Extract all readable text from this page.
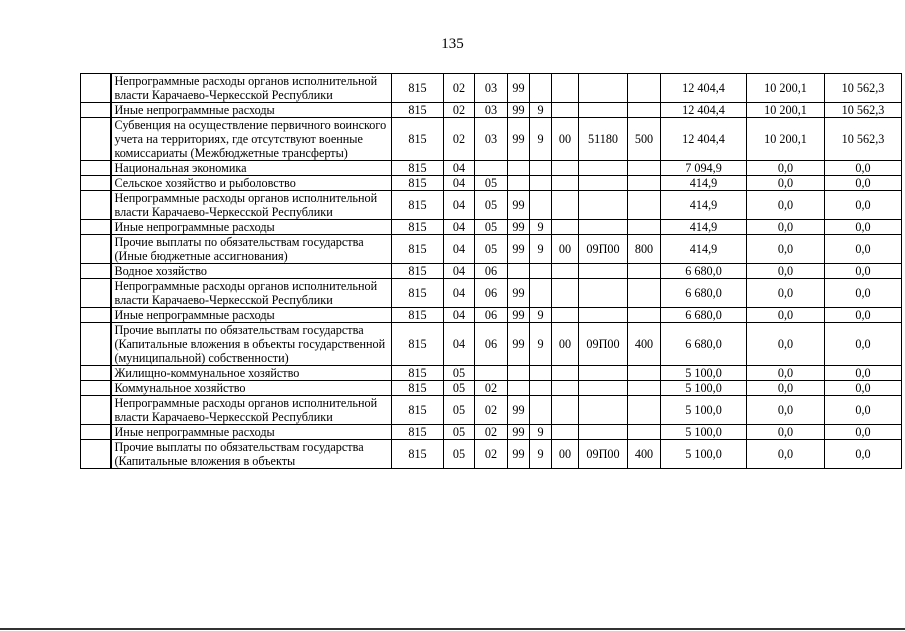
135
	Непрограммные расходы органов исполнительной власти Карачаево-Черкесской Республики	815	02	03	99					12 404,4	10 200,1	10 562,3
	Иные непрограммные расходы	815	02	03	99	9				12 404,4	10 200,1	10 562,3
	Субвенция на осуществление первичного воинского учета на территориях, где отсутствуют военные комиссариаты (Межбюджетные трансферты)	815	02	03	99	9	00	51180	500	12 404,4	10 200,1	10 562,3
	Национальная экономика	815	04							7 094,9	0,0	0,0
	Сельское хозяйство и рыболовство	815	04	05						414,9	0,0	0,0
	Непрограммные расходы органов исполнительной власти Карачаево-Черкесской Республики	815	04	05	99					414,9	0,0	0,0
	Иные непрограммные расходы	815	04	05	99	9				414,9	0,0	0,0
	Прочие выплаты по обязательствам государства (Иные бюджетные ассигнования)	815	04	05	99	9	00	09П00	800	414,9	0,0	0,0
	Водное хозяйство	815	04	06						6 680,0	0,0	0,0
	Непрограммные расходы органов исполнительной власти Карачаево-Черкесской Республики	815	04	06	99					6 680,0	0,0	0,0
	Иные непрограммные расходы	815	04	06	99	9				6 680,0	0,0	0,0
	Прочие выплаты по обязательствам государства (Капитальные вложения в объекты государственной (муниципальной) собственности)	815	04	06	99	9	00	09П00	400	6 680,0	0,0	0,0
	Жилищно-коммунальное хозяйство	815	05							5 100,0	0,0	0,0
	Коммунальное хозяйство	815	05	02						5 100,0	0,0	0,0
	Непрограммные расходы органов исполнительной власти Карачаево-Черкесской Республики	815	05	02	99					5 100,0	0,0	0,0
	Иные непрограммные расходы	815	05	02	99	9				5 100,0	0,0	0,0
	Прочие выплаты по обязательствам государства (Капитальные вложения в объекты	815	05	02	99	9	00	09П00	400	5 100,0	0,0	0,0
